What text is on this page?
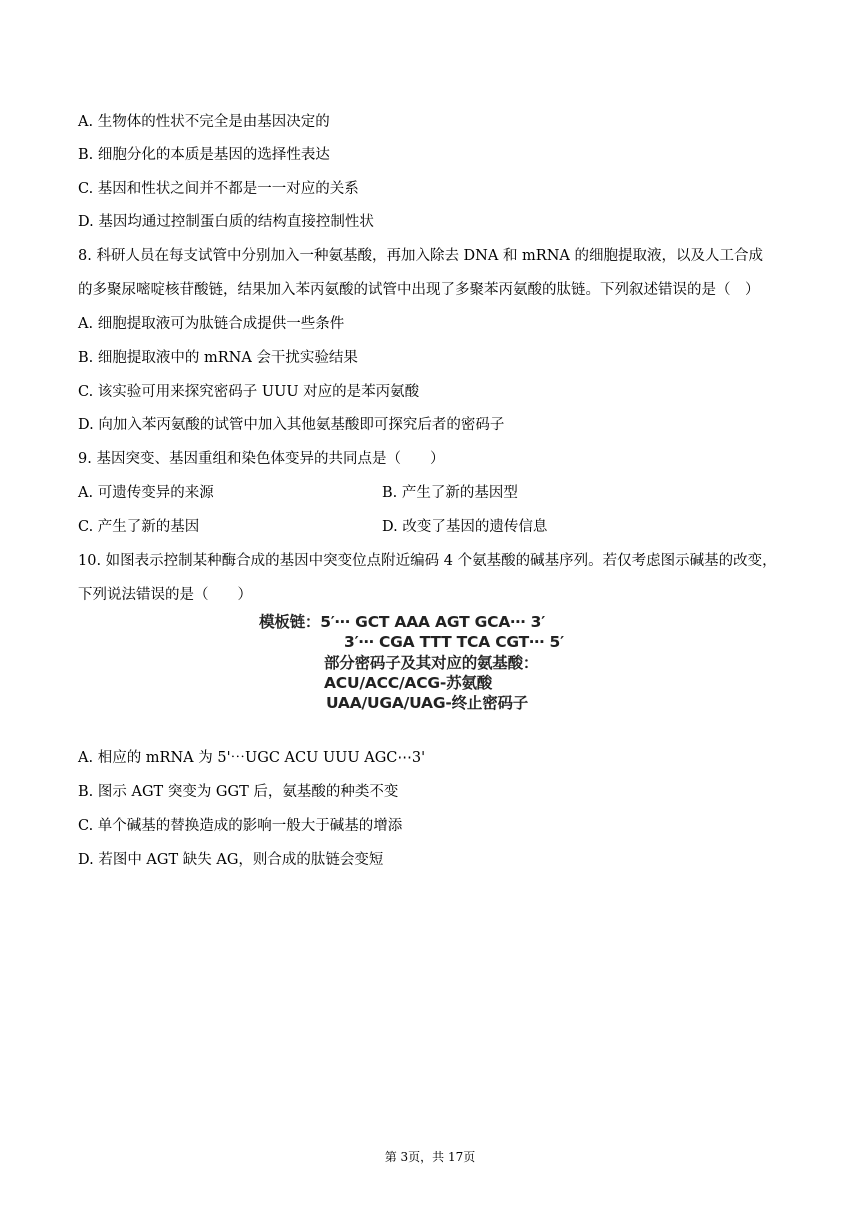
A. 生物体的性状不完全是由基因决定的
B. 细胞分化的本质是基因的选择性表达
C. 基因和性状之间并不都是一一对应的关系
D. 基因均通过控制蛋白质的结构直接控制性状
8. 科研人员在每支试管中分别加入一种氨基酸，再加入除去 DNA 和 mRNA 的细胞提取液，以及人工合成
的多聚尿嘧啶核苷酸链，结果加入苯丙氨酸的试管中出现了多聚苯丙氨酸的肽链。下列叙述错误的是（　）
A. 细胞提取液可为肽链合成提供一些条件
B. 细胞提取液中的 mRNA 会干扰实验结果
C. 该实验可用来探究密码子 UUU 对应的是苯丙氨酸
D. 向加入苯丙氨酸的试管中加入其他氨基酸即可探究后者的密码子
9. 基因突变、基因重组和染色体变异的共同点是（　　）
A. 可遗传变异的来源	B. 产生了新的基因型
C. 产生了新的基因	D. 改变了基因的遗传信息
10. 如图表示控制某种酶合成的基因中突变位点附近编码 4 个氨基酸的碱基序列。若仅考虑图示碱基的改变，
下列说法错误的是（　　）
模板链：5′⋯ GCT AAA AGT GCA⋯ 3′
3′⋯ CGA TTT TCA CGT⋯ 5′
部分密码子及其对应的氨基酸：
ACU/ACC/ACG-苏氨酸
UAA/UGA/UAG-终止密码子
A. 相应的 mRNA 为 5'⋯UGC ACU UUU AGC⋯3'
B. 图示 AGT 突变为 GGT 后，氨基酸的种类不变
C. 单个碱基的替换造成的影响一般大于碱基的增添
D. 若图中 AGT 缺失 AG，则合成的肽链会变短
第 3页，共 17页
